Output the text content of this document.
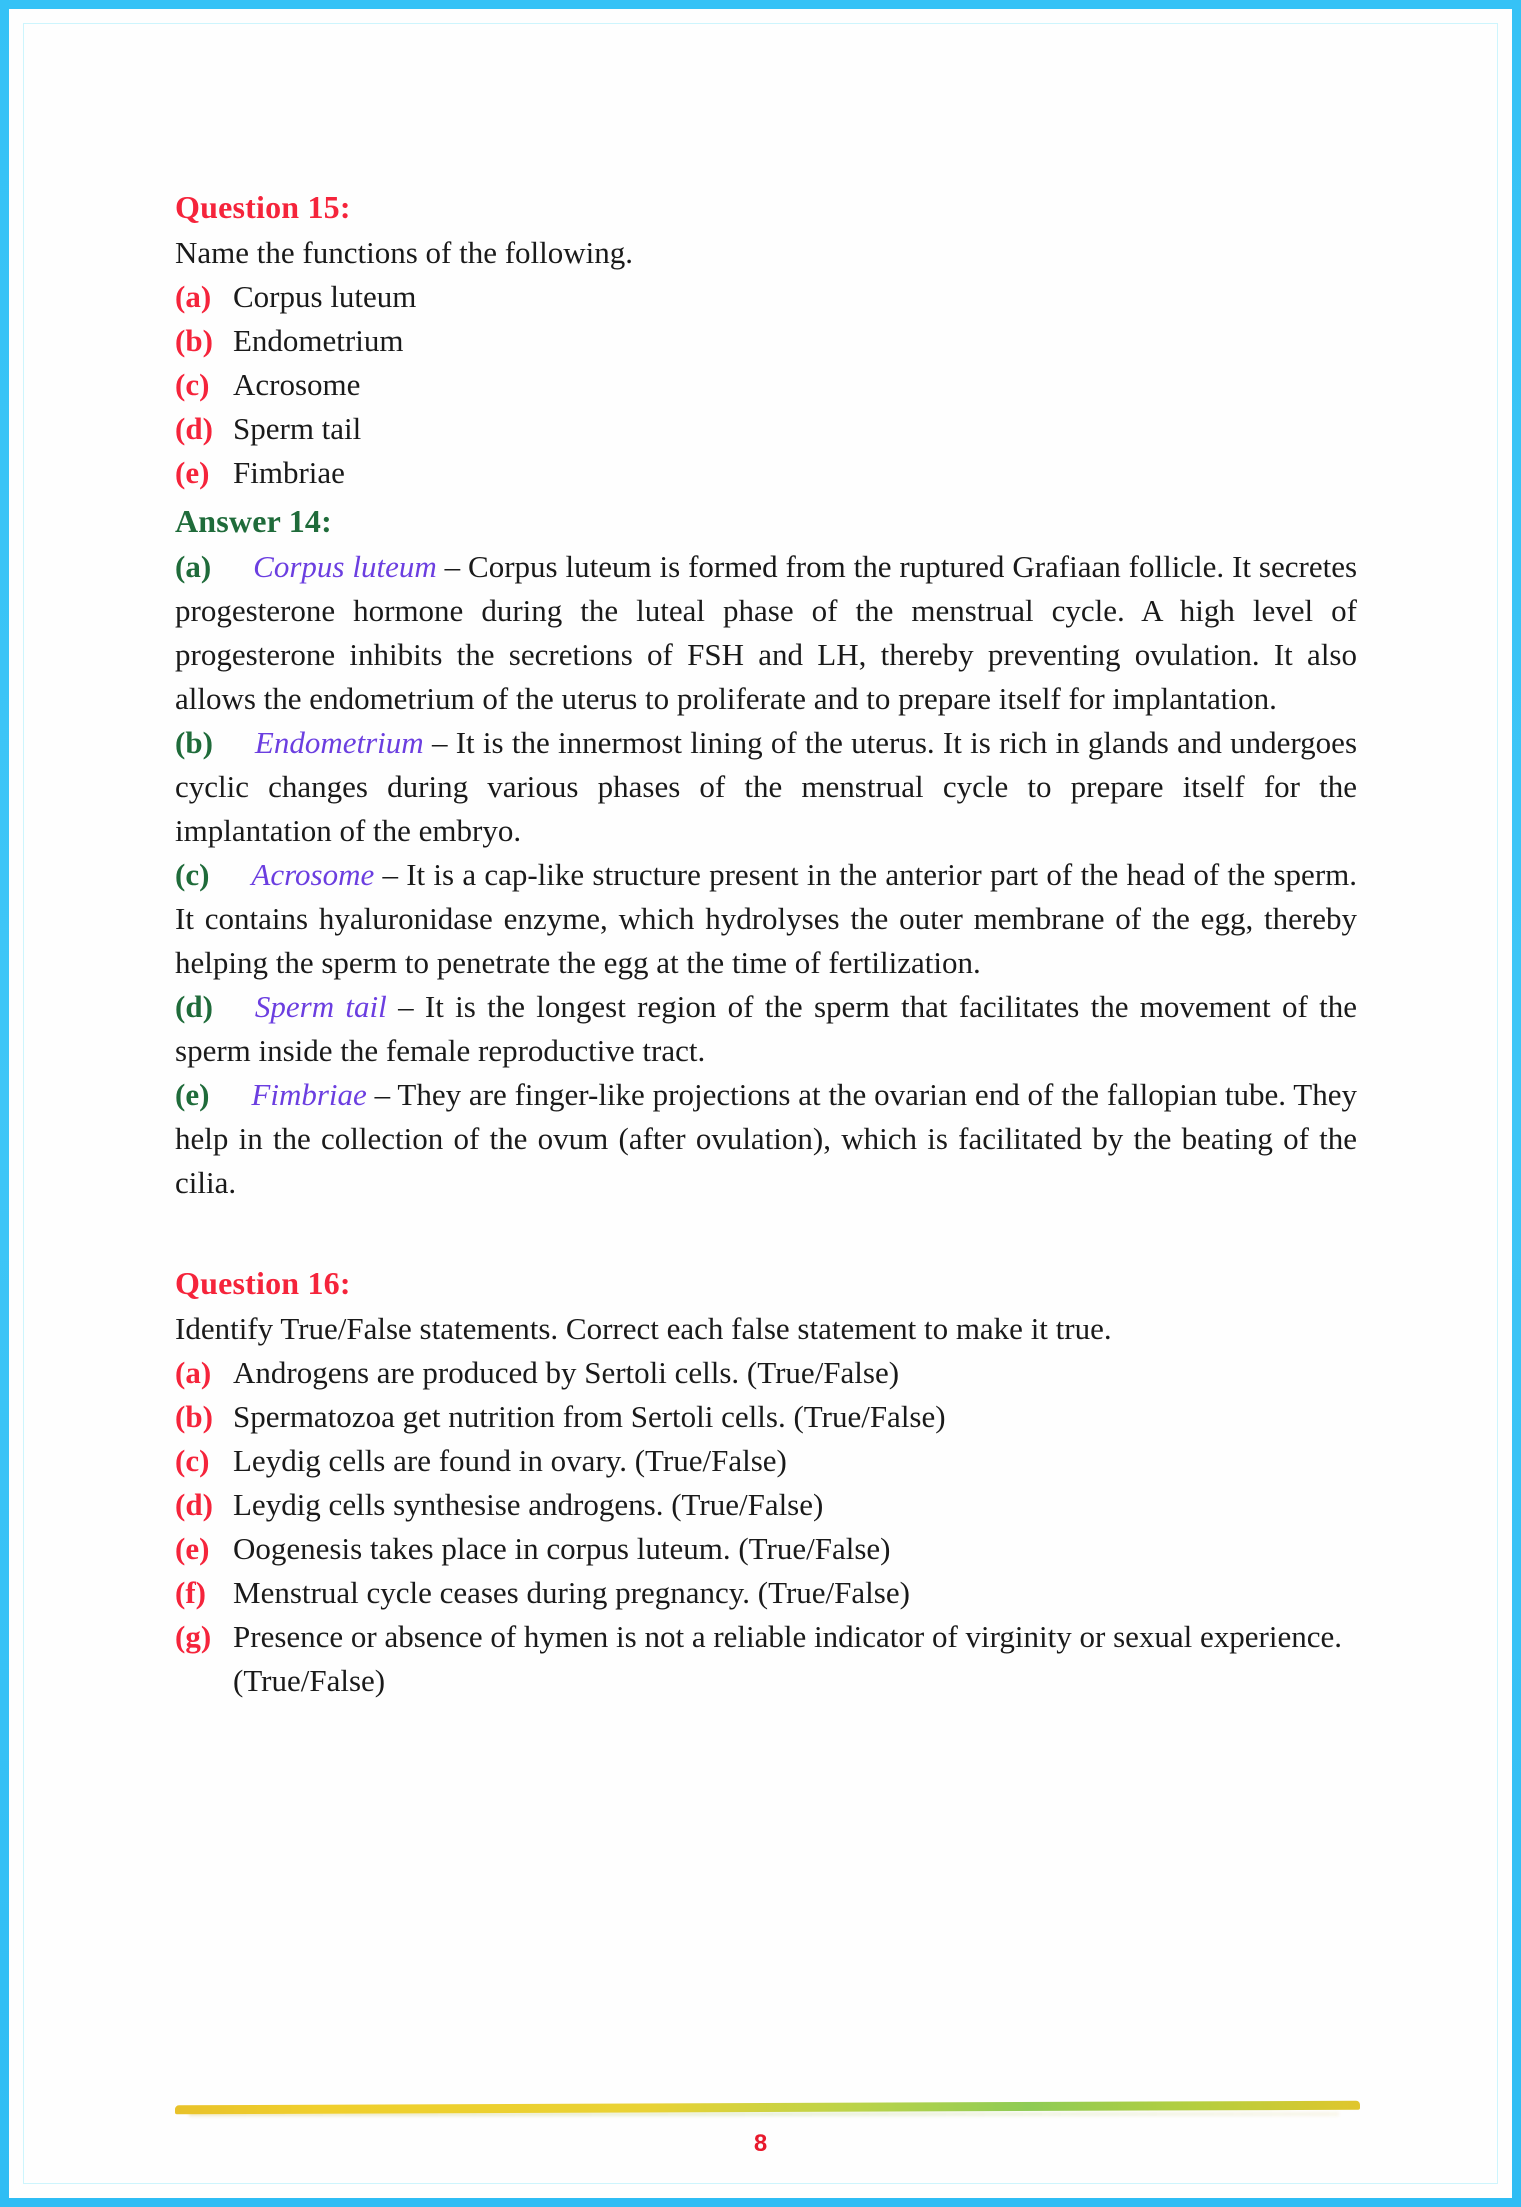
Question 15:

Name the functions of the following.

(a) Corpus luteum
(b) Endometrium
(c) Acrosome
(d) Sperm tail
(e) Fimbriae
Answer 14:

(a) Corpus luteum – Corpus luteum is formed from the ruptured Grafiaan follicle. It secretes progesterone hormone during the luteal phase of the menstrual cycle. A high level of progesterone inhibits the secretions of FSH and LH, thereby preventing ovulation. It also allows the endometrium of the uterus to proliferate and to prepare itself for implantation.

(b) Endometrium – It is the innermost lining of the uterus. It is rich in glands and undergoes cyclic changes during various phases of the menstrual cycle to prepare itself for the implantation of the embryo.

(c) Acrosome – It is a cap-like structure present in the anterior part of the head of the sperm. It contains hyaluronidase enzyme, which hydrolyses the outer membrane of the egg, thereby helping the sperm to penetrate the egg at the time of fertilization.

(d) Sperm tail – It is the longest region of the sperm that facilitates the movement of the sperm inside the female reproductive tract.

(e) Fimbriae – They are finger-like projections at the ovarian end of the fallopian tube. They help in the collection of the ovum (after ovulation), which is facilitated by the beating of the cilia.

Question 16:

Identify True/False statements. Correct each false statement to make it true.

(a) Androgens are produced by Sertoli cells. (True/False)
(b) Spermatozoa get nutrition from Sertoli cells. (True/False)
(c) Leydig cells are found in ovary. (True/False)
(d) Leydig cells synthesise androgens. (True/False)
(e) Oogenesis takes place in corpus luteum. (True/False)
(f) Menstrual cycle ceases during pregnancy. (True/False)
(g) Presence or absence of hymen is not a reliable indicator of virginity or sexual experience. (True/False)
8
